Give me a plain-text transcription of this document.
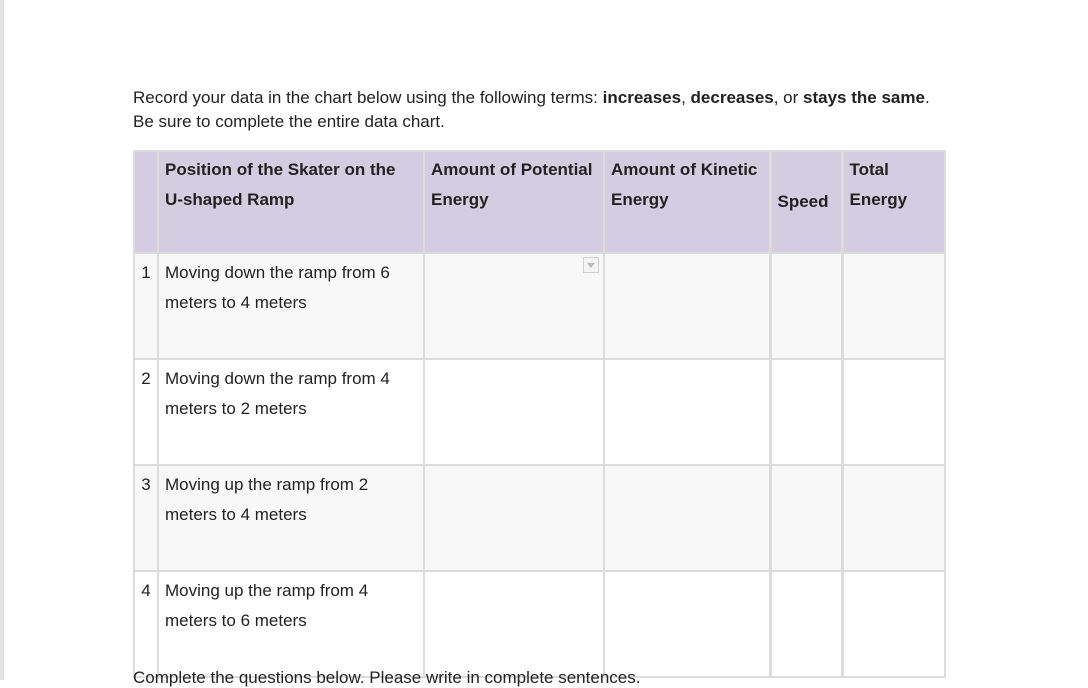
Record your data in the chart below using the following terms: increases, decreases, or stays the same. Be sure to complete the entire data chart.

	Position of the Skater on the U-shaped Ramp	Amount of Potential Energy	Amount of Kinetic Energy	Speed	Total Energy

1	Moving down the ramp from 6 meters to 4 meters				

2	Moving down the ramp from 4 meters to 2 meters				

3	Moving up the ramp from 2 meters to 4 meters				

4	Moving up the ramp from 4 meters to 6 meters				

Complete the questions below. Please write in complete sentences.
